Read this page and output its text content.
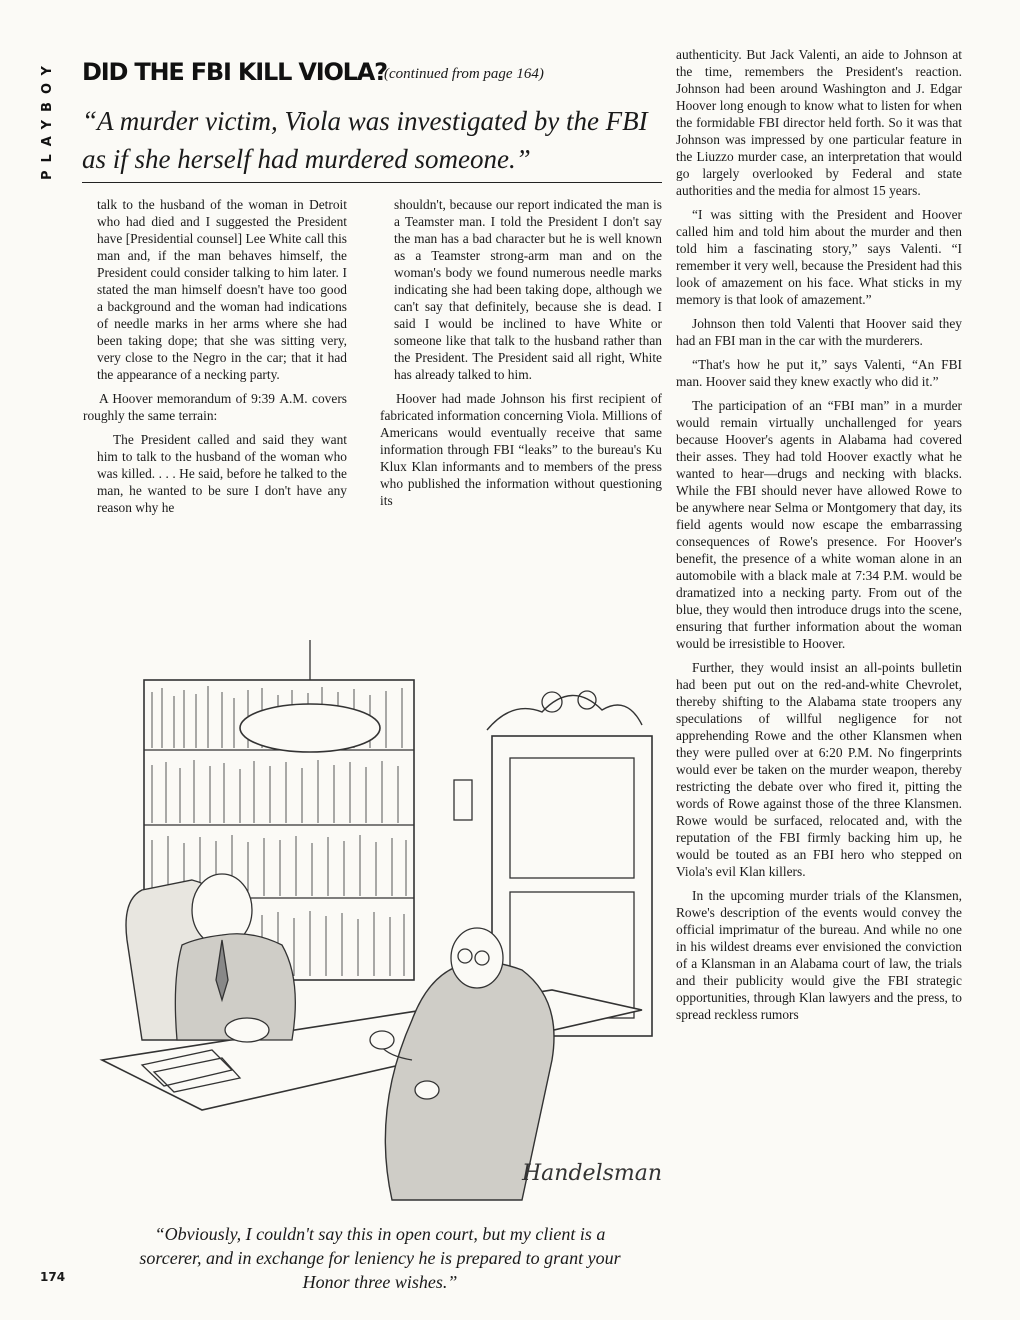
PLAYBOY	DID THE FBI KILL VIOLA?
(continued from page 164)
“A murder victim, Viola was investigated by the FBI as if she herself had murdered someone.”

talk to the husband of the woman in Detroit who had died and I suggested the President have [Presidential counsel] Lee White call this man and, if the man behaves himself, the President could consider talking to him later. I stated the man himself doesn't have too good a background and the woman had indications of needle marks in her arms where she had been taking dope; that she was sitting very, very close to the Negro in the car; that it had the appearance of a necking party.

A Hoover memorandum of 9:39 A.M. covers roughly the same terrain:

The President called and said they want him to talk to the husband of the woman who was killed. . . . He said, before he talked to the man, he wanted to be sure I don't have any reason why he

shouldn't, because our report indicated the man is a Teamster man. I told the President I don't say the man has a bad character but he is well known as a Teamster strong-arm man and on the woman's body we found numerous needle marks indicating she had been taking dope, although we can't say that definitely, because she is dead. I said I would be inclined to have White or someone like that talk to the husband rather than the President. The President said all right, White has already talked to him.

Hoover had made Johnson his first recipient of fabricated information concerning Viola. Millions of Americans would eventually receive that same information through FBI “leaks” to the bureau's Ku Klux Klan informants and to members of the press who published the information without questioning its

authenticity. But Jack Valenti, an aide to Johnson at the time, remembers the President's reaction. Johnson had been around Washington and J. Edgar Hoover long enough to know what to listen for when the formidable FBI director held forth. So it was that Johnson was impressed by one particular feature in the Liuzzo murder case, an interpretation that would go largely overlooked by Federal and state authorities and the media for almost 15 years.

“I was sitting with the President and Hoover called him and told him about the murder and then told him a fascinating story,” says Valenti. “I remember it very well, because the President had this look of amazement on his face. What sticks in my memory is that look of amazement.”

Johnson then told Valenti that Hoover said they had an FBI man in the car with the murderers.

“That's how he put it,” says Valenti, “An FBI man. Hoover said they knew exactly who did it.”

The participation of an “FBI man” in a murder would remain virtually unchallenged for years because Hoover's agents in Alabama had covered their asses. They had told Hoover exactly what he wanted to hear—drugs and necking with blacks. While the FBI should never have allowed Rowe to be anywhere near Selma or Montgomery that day, its field agents would now escape the embarrassing consequences of Rowe's presence. For Hoover's benefit, the presence of a white woman alone in an automobile with a black male at 7:34 P.M. would be dramatized into a necking party. From out of the blue, they would then introduce drugs into the scene, ensuring that further information about the woman would be irresistible to Hoover.

Further, they would insist an all-points bulletin had been put out on the red-and-white Chevrolet, thereby shifting to the Alabama state troopers any speculations of willful negligence for not apprehending Rowe and the other Klansmen when they were pulled over at 6:20 P.M. No fingerprints would ever be taken on the murder weapon, thereby restricting the debate over who fired it, pitting the words of Rowe against those of the three Klansmen. Rowe would be surfaced, relocated and, with the reputation of the FBI firmly backing him up, he would be touted as an FBI hero who stepped on Viola's evil Klan killers.

In the upcoming murder trials of the Klansmen, Rowe's description of the events would convey the official imprimatur of the bureau. And while no one in his wildest dreams ever envisioned the conviction of a Klansman in an Alabama court of law, the trials and their publicity would give the FBI strategic opportunities, through Klan lawyers and the press, to spread reckless rumors

Handelsman
“Obviously, I couldn't say this in open court, but my client is a sorcerer, and in exchange for leniency he is prepared to grant your Honor three wishes.”
174
